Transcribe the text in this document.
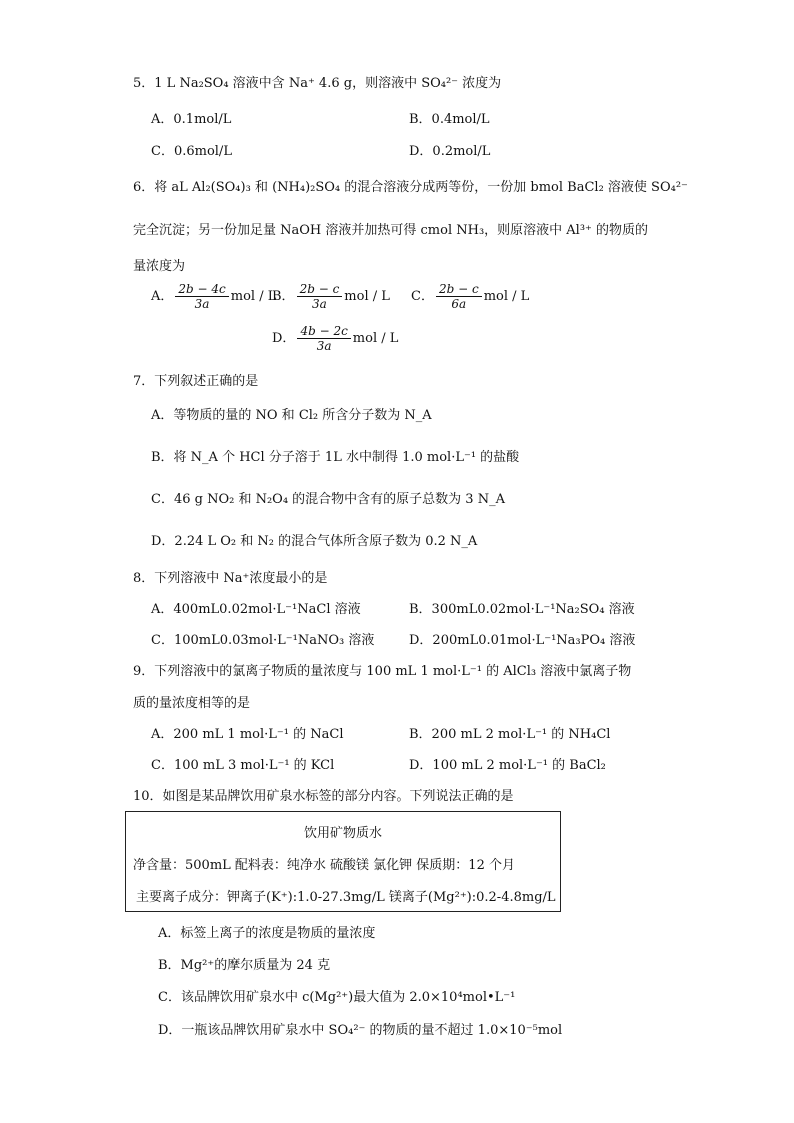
5．1 L Na₂SO₄ 溶液中含 Na⁺ 4.6 g，则溶液中 SO₄²⁻ 浓度为
A．0.1mol/L	B．0.4mol/L
C．0.6mol/L	D．0.2mol/L
6．将 aL Al₂(SO₄)₃ 和 (NH₄)₂SO₄ 的混合溶液分成两等份，一份加 bmol BaCl₂ 溶液使 SO₄²⁻
完全沉淀；另一份加足量 NaOH 溶液并加热可得 cmol NH₃，则原溶液中 Al³⁺ 的物质的
量浓度为
A． $\frac{2b - 4c}{3a}$ mol / L
B． $\frac{2b - c}{3a}$ mol / L C． $\frac{2b - c}{6a}$ mol / L
D． $\frac{4b - 2c}{3a}$ mol / L
7．下列叙述正确的是
A．等物质的量的 NO 和 Cl₂ 所含分子数为 N_A
B．将 N_A 个 HCl 分子溶于 1L 水中制得 1.0 mol·L⁻¹ 的盐酸
C．46 g NO₂ 和 N₂O₄ 的混合物中含有的原子总数为 3 N_A
D．2.24 L O₂ 和 N₂ 的混合气体所含原子数为 0.2 N_A
8．下列溶液中 Na⁺浓度最小的是
A．400mL0.02mol·L⁻¹NaCl 溶液	B．300mL0.02mol·L⁻¹Na₂SO₄ 溶液
C．100mL0.03mol·L⁻¹NaNO₃ 溶液	D．200mL0.01mol·L⁻¹Na₃PO₄ 溶液
9．下列溶液中的氯离子物质的量浓度与 100 mL 1 mol·L⁻¹ 的 AlCl₃ 溶液中氯离子物
质的量浓度相等的是
A．200 mL 1 mol·L⁻¹ 的 NaCl	B．200 mL 2 mol·L⁻¹ 的 NH₄Cl
C．100 mL 3 mol·L⁻¹ 的 KCl	D．100 mL 2 mol·L⁻¹ 的 BaCl₂
10．如图是某品牌饮用矿泉水标签的部分内容。下列说法正确的是
饮用矿物质水
净含量：500mL 配料表：纯净水 硫酸镁 氯化钾 保质期：12 个月
主要离子成分：钾离子(K⁺):1.0-27.3mg/L 镁离子(Mg²⁺):0.2-4.8mg/L
A．标签上离子的浓度是物质的量浓度
B．Mg²⁺的摩尔质量为 24 克
C．该品牌饮用矿泉水中 c(Mg²⁺)最大值为 2.0×10⁴mol•L⁻¹
D．一瓶该品牌饮用矿泉水中 SO₄²⁻ 的物质的量不超过 1.0×10⁻⁵mol
